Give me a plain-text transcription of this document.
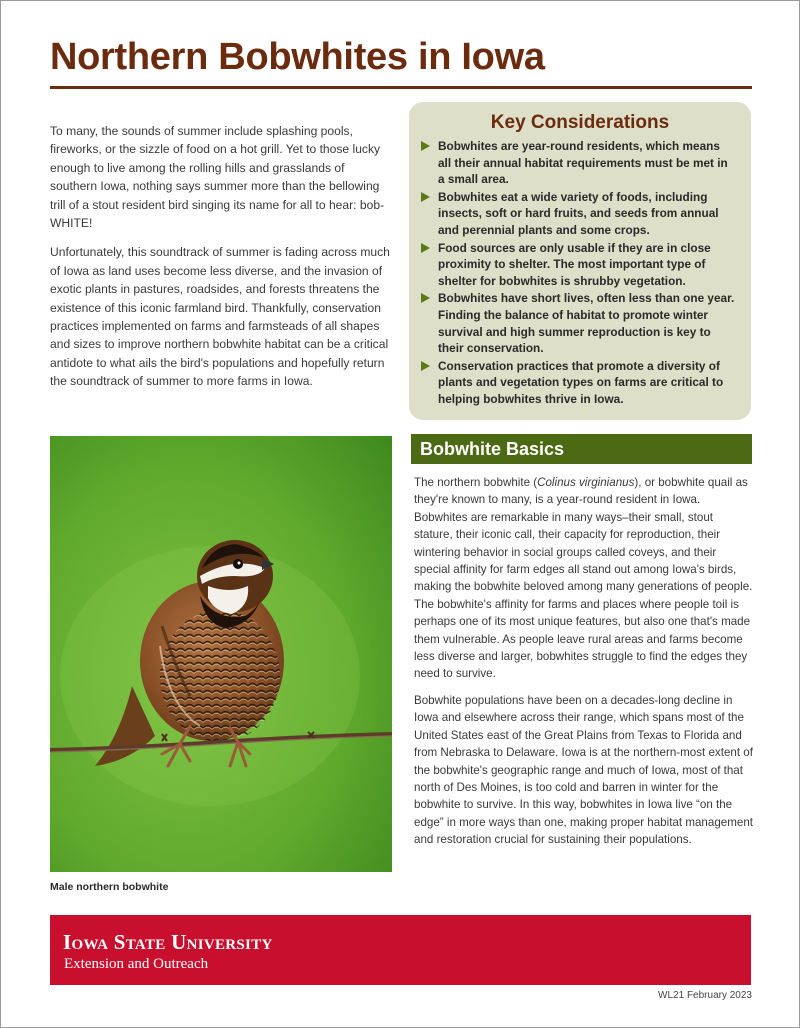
Northern Bobwhites in Iowa

To many, the sounds of summer include splashing pools, fireworks, or the sizzle of food on a hot grill. Yet to those lucky enough to live among the rolling hills and grasslands of southern Iowa, nothing says summer more than the bellowing trill of a stout resident bird singing its name for all to hear: bob-WHITE!

Unfortunately, this soundtrack of summer is fading across much of Iowa as land uses become less diverse, and the invasion of exotic plants in pastures, roadsides, and forests threatens the existence of this iconic farmland bird. Thankfully, conservation practices implemented on farms and farmsteads of all shapes and sizes to improve northern bobwhite habitat can be a critical antidote to what ails the bird's populations and hopefully return the soundtrack of summer to more farms in Iowa.

Key Considerations
Bobwhites are year-round residents, which means all their annual habitat requirements must be met in a small area.
Bobwhites eat a wide variety of foods, including insects, soft or hard fruits, and seeds from annual and perennial plants and some crops.
Food sources are only usable if they are in close proximity to shelter. The most important type of shelter for bobwhites is shrubby vegetation.
Bobwhites have short lives, often less than one year. Finding the balance of habitat to promote winter survival and high summer reproduction is key to their conservation.
Conservation practices that promote a diversity of plants and vegetation types on farms are critical to helping bobwhites thrive in Iowa.
Male northern bobwhite
Bobwhite Basics

The northern bobwhite (Colinus virginianus), or bobwhite quail as they're known to many, is a year-round resident in Iowa. Bobwhites are remarkable in many ways–their small, stout stature, their iconic call, their capacity for reproduction, their wintering behavior in social groups called coveys, and their special affinity for farm edges all stand out among Iowa's birds, making the bobwhite beloved among many generations of people. The bobwhite's affinity for farms and places where people toil is perhaps one of its most unique features, but also one that's made them vulnerable. As people leave rural areas and farms become less diverse and larger, bobwhites struggle to find the edges they need to survive.

Bobwhite populations have been on a decades-long decline in Iowa and elsewhere across their range, which spans most of the United States east of the Great Plains from Texas to Florida and from Nebraska to Delaware. Iowa is at the northern-most extent of the bobwhite's geographic range and much of Iowa, most of that north of Des Moines, is too cold and barren in winter for the bobwhite to survive. In this way, bobwhites in Iowa live “on the edge” in more ways than one, making proper habitat management and restoration crucial for sustaining their populations.

Iowa State University
Extension and Outreach
WL21 February 2023
